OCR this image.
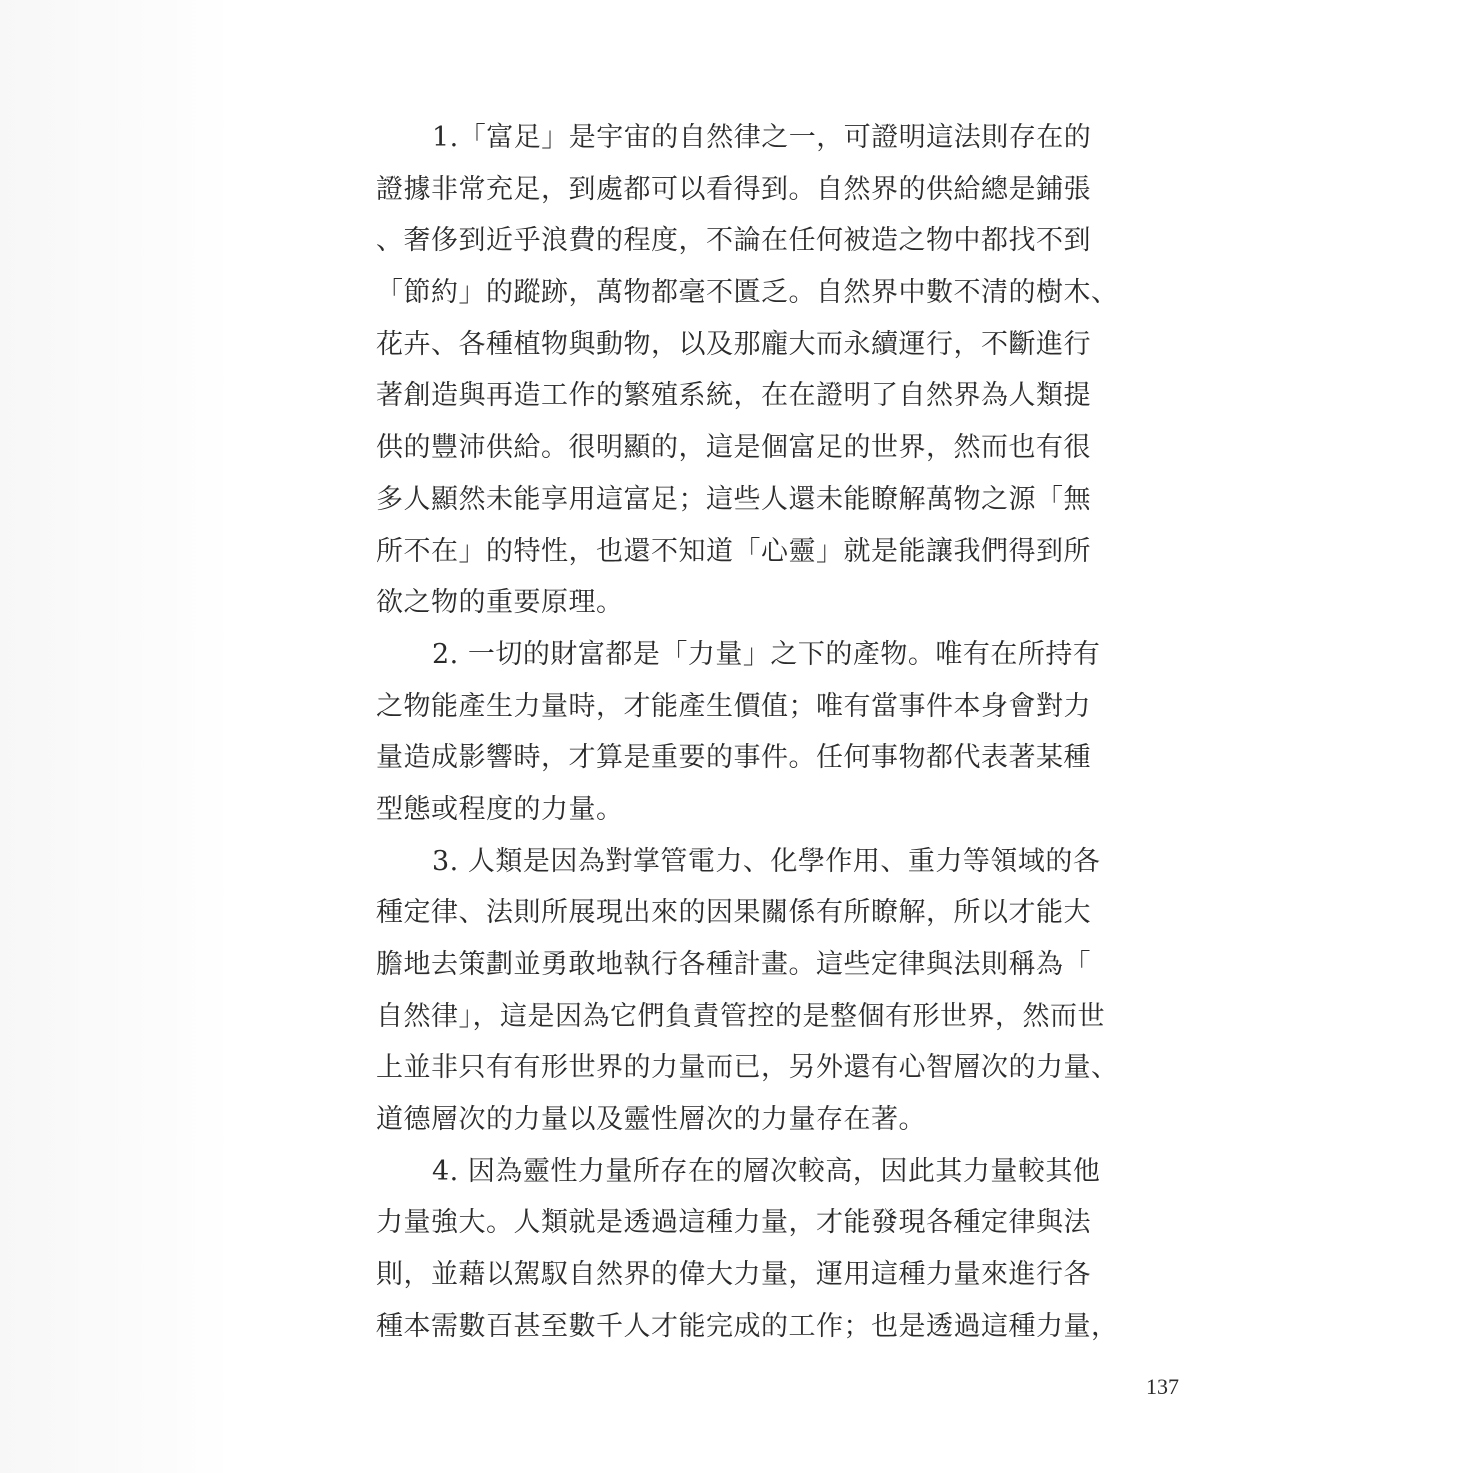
1.「富足」是宇宙的自然律之一，可證明這法則存在的
證據非常充足，到處都可以看得到。自然界的供給總是鋪張
、奢侈到近乎浪費的程度，不論在任何被造之物中都找不到
「節約」的蹤跡，萬物都毫不匱乏。自然界中數不清的樹木、
花卉、各種植物與動物，以及那龐大而永續運行，不斷進行
著創造與再造工作的繁殖系統，在在證明了自然界為人類提
供的豐沛供給。很明顯的，這是個富足的世界，然而也有很
多人顯然未能享用這富足；這些人還未能瞭解萬物之源「無
所不在」的特性，也還不知道「心靈」就是能讓我們得到所
欲之物的重要原理。
2. 一切的財富都是「力量」之下的產物。唯有在所持有
之物能產生力量時，才能產生價值；唯有當事件本身會對力
量造成影響時，才算是重要的事件。任何事物都代表著某種
型態或程度的力量。
3. 人類是因為對掌管電力、化學作用、重力等領域的各
種定律、法則所展現出來的因果關係有所瞭解，所以才能大
膽地去策劃並勇敢地執行各種計畫。這些定律與法則稱為「
自然律」，這是因為它們負責管控的是整個有形世界，然而世
上並非只有有形世界的力量而已，另外還有心智層次的力量、
道德層次的力量以及靈性層次的力量存在著。
4. 因為靈性力量所存在的層次較高，因此其力量較其他
力量強大。人類就是透過這種力量，才能發現各種定律與法
則，並藉以駕馭自然界的偉大力量，運用這種力量來進行各
種本需數百甚至數千人才能完成的工作；也是透過這種力量，
137
